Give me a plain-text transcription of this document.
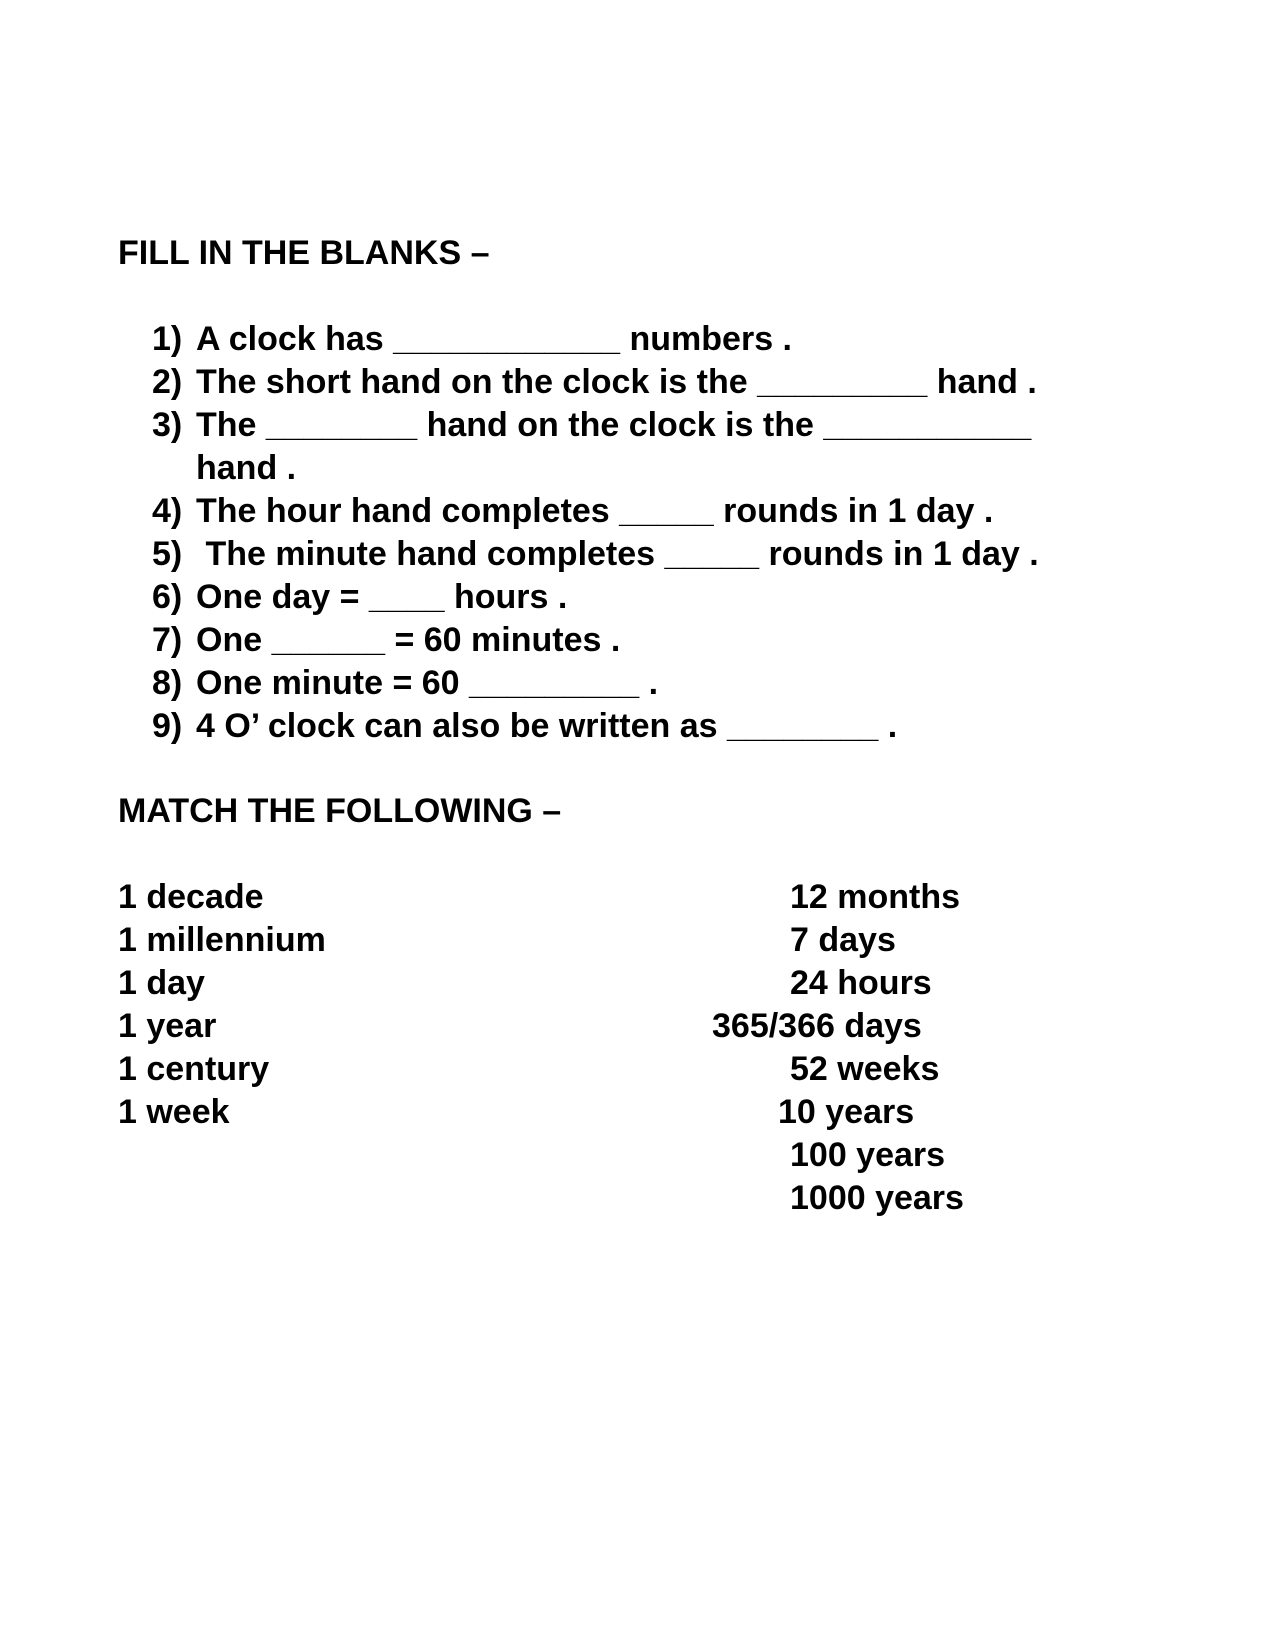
FILL IN THE BLANKS –
1) A clock has ____________ numbers .
2) The short hand on the clock is the _________ hand .
3) The ________ hand on the clock is the ___________ hand .
4) The hour hand completes _____ rounds in 1 day .
5) The minute hand completes _____ rounds in 1 day .
6) One day = ____ hours .
7) One ______ = 60 minutes .
8) One minute = 60 _________ .
9) 4 O’ clock can also be written as ________ .
MATCH THE FOLLOWING –
1 decade
1 millennium
1 day
1 year
1 century
1 week
12 months
7 days
24 hours
365/366 days
52 weeks
10 years
100 years
1000 years
